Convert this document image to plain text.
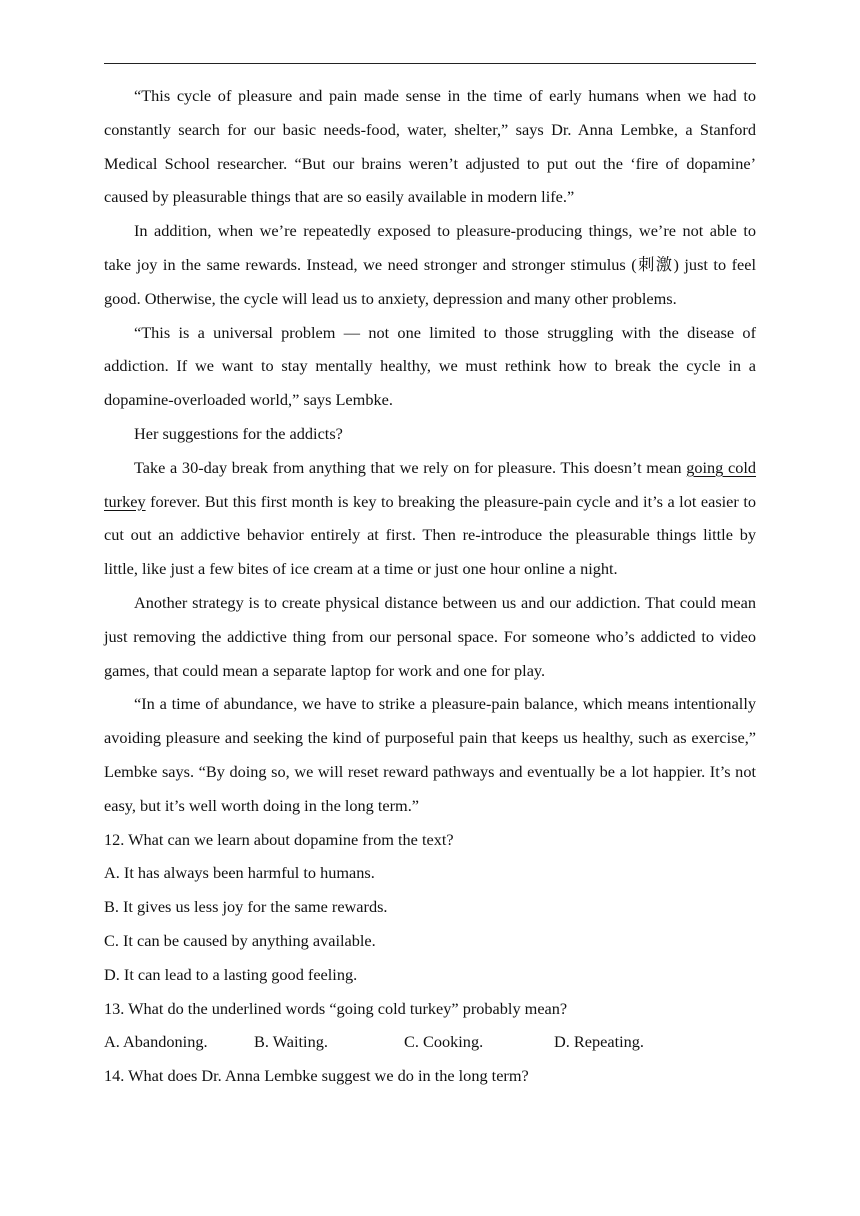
“This cycle of pleasure and pain made sense in the time of early humans when we had to constantly search for our basic needs-food, water, shelter,” says Dr. Anna Lembke, a Stanford Medical School researcher. “But our brains weren’t adjusted to put out the ‘fire of dopamine’ caused by pleasurable things that are so easily available in modern life.”

In addition, when we’re repeatedly exposed to pleasure-producing things, we’re not able to take joy in the same rewards. Instead, we need stronger and stronger stimulus (刺激) just to feel good. Otherwise, the cycle will lead us to anxiety, depression and many other problems.

“This is a universal problem — not one limited to those struggling with the disease of addiction. If we want to stay mentally healthy, we must rethink how to break the cycle in a dopamine-overloaded world,” says Lembke.

Her suggestions for the addicts?

Take a 30-day break from anything that we rely on for pleasure. This doesn’t mean going cold turkey forever. But this first month is key to breaking the pleasure-pain cycle and it’s a lot easier to cut out an addictive behavior entirely at first. Then re-introduce the pleasurable things little by little, like just a few bites of ice cream at a time or just one hour online a night.

Another strategy is to create physical distance between us and our addiction. That could mean just removing the addictive thing from our personal space. For someone who’s addicted to video games, that could mean a separate laptop for work and one for play.

“In a time of abundance, we have to strike a pleasure-pain balance, which means intentionally avoiding pleasure and seeking the kind of purposeful pain that keeps us healthy, such as exercise,” Lembke says. “By doing so, we will reset reward pathways and eventually be a lot happier. It’s not easy, but it’s well worth doing in the long term.”

12. What can we learn about dopamine from the text?

A. It has always been harmful to humans.

B. It gives us less joy for the same rewards.

C. It can be caused by anything available.

D. It can lead to a lasting good feeling.

13. What do the underlined words “going cold turkey” probably mean?

A. Abandoning.	B. Waiting.	C. Cooking.	D. Repeating.

14. What does Dr. Anna Lembke suggest we do in the long term?
